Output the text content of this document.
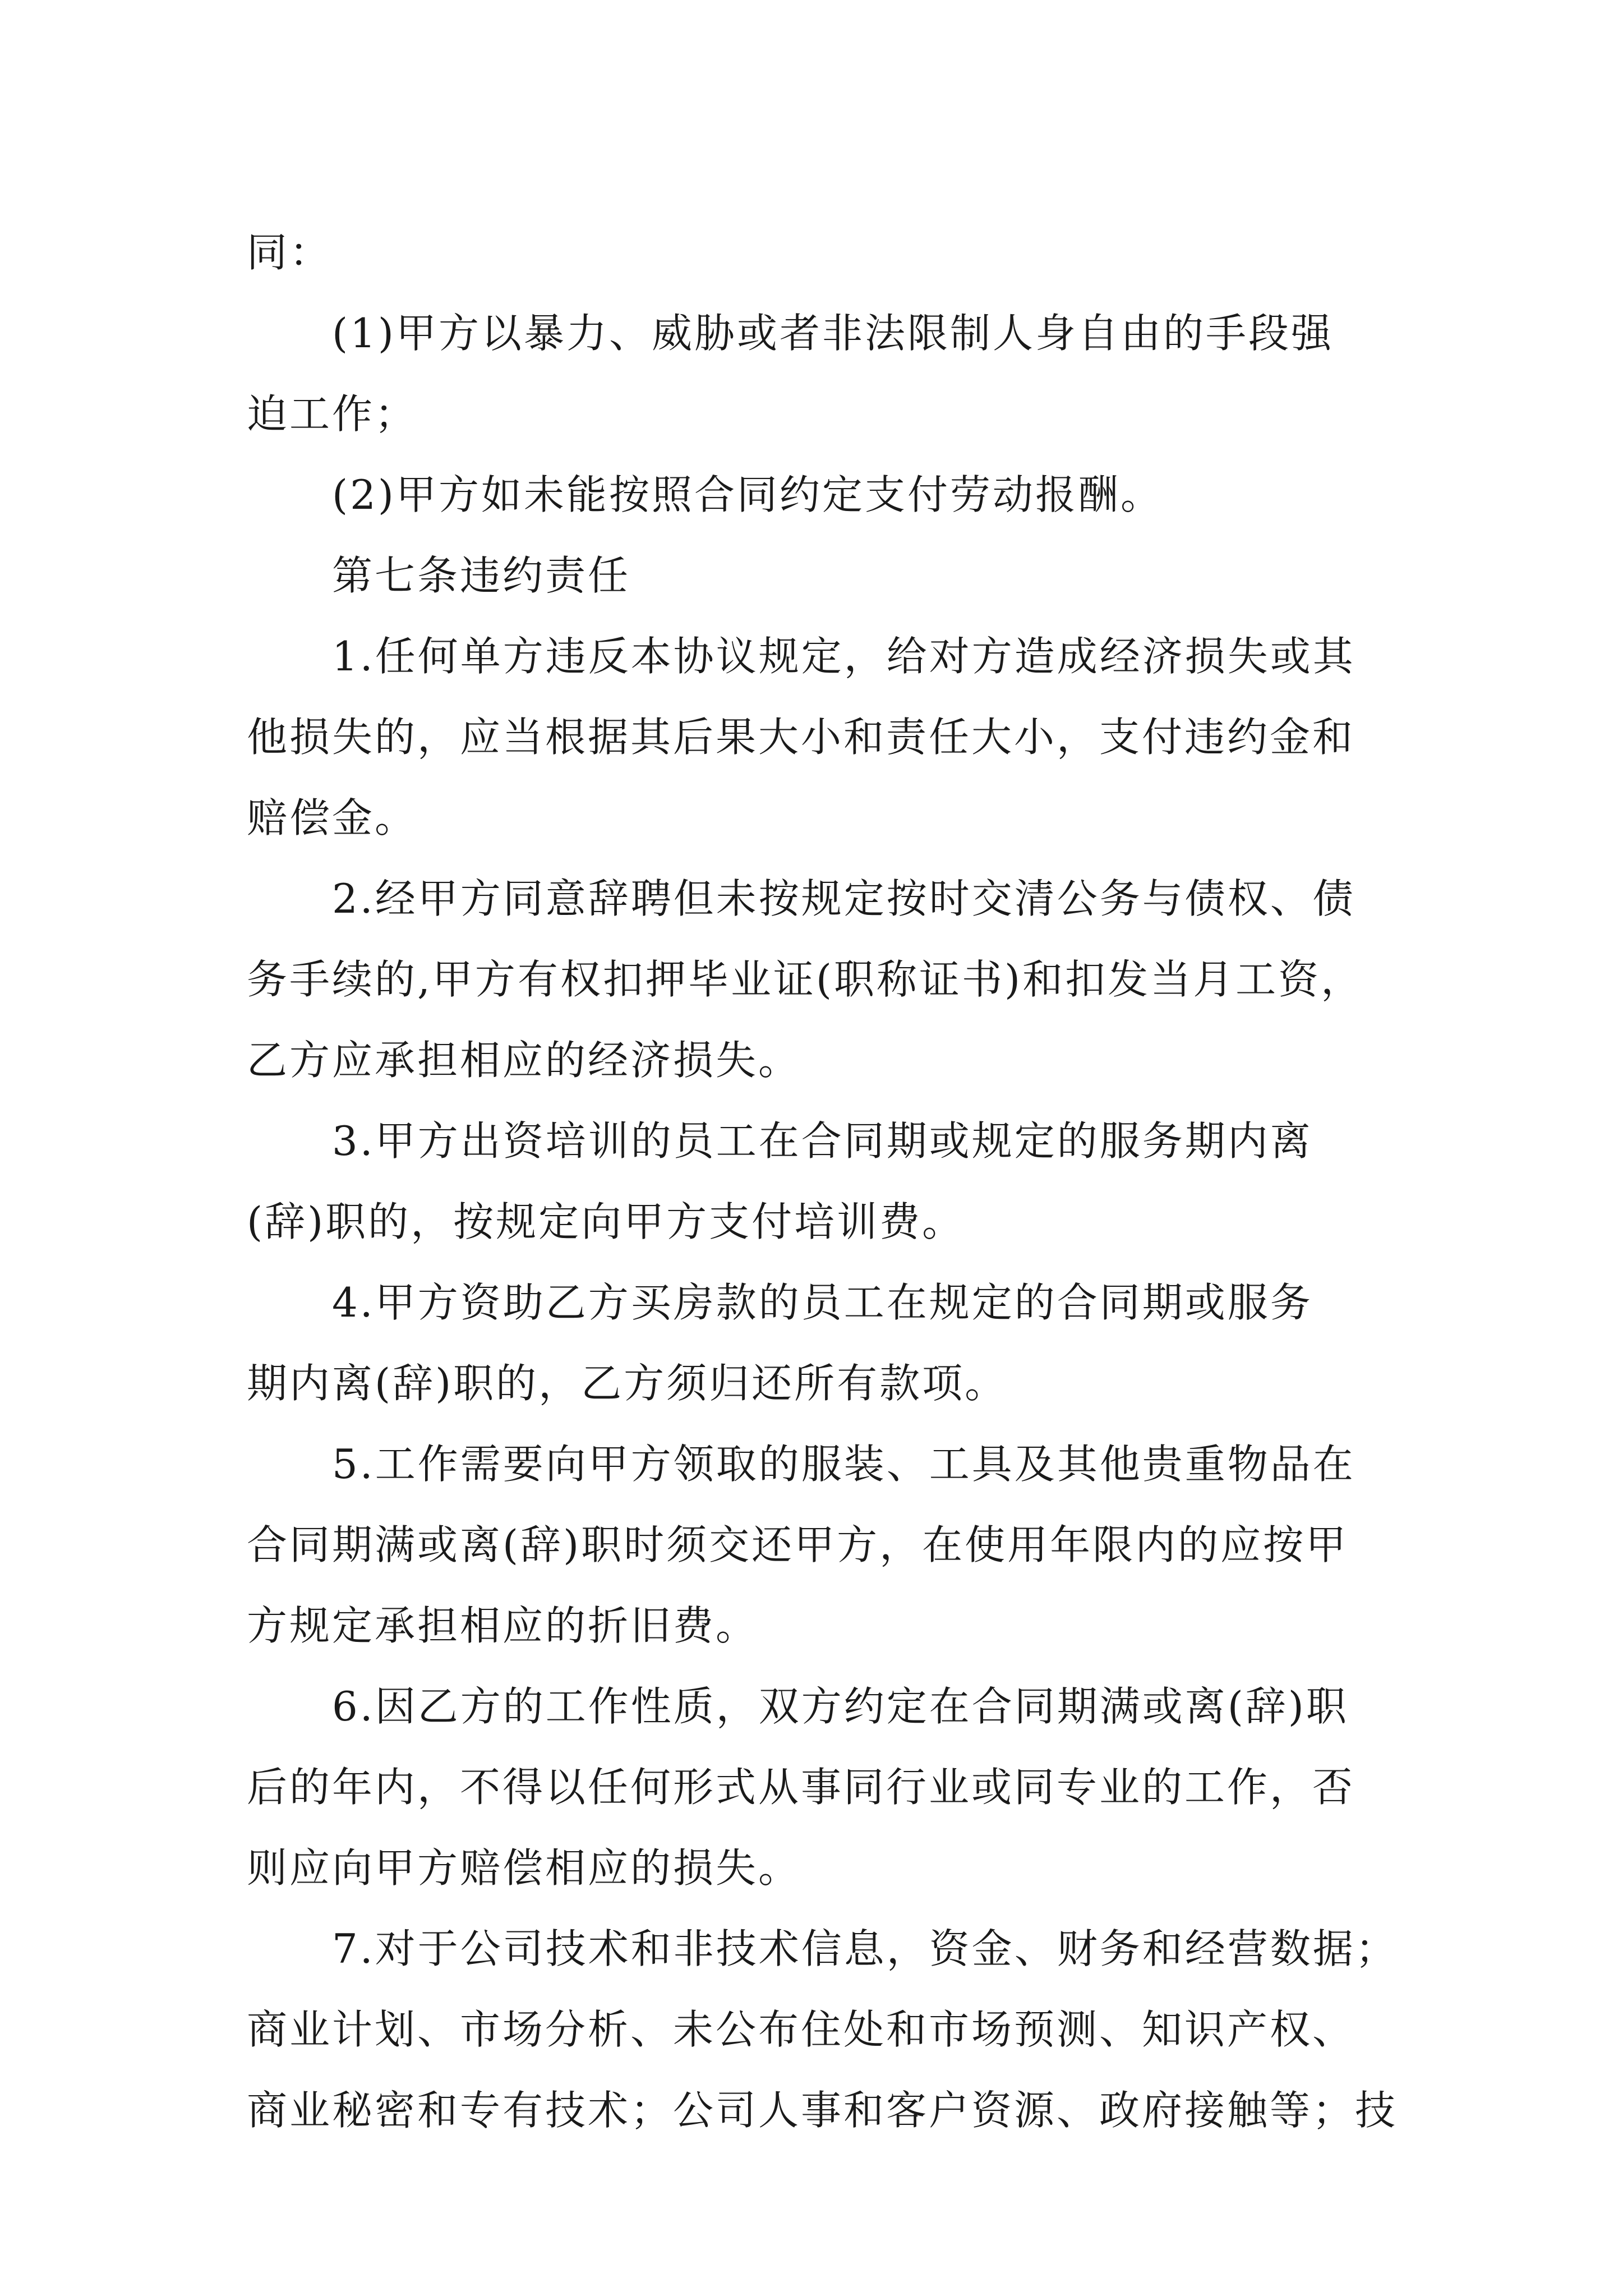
同：
(1)甲方以暴力、威胁或者非法限制人身自由的手段强
迫工作；
(2)甲方如未能按照合同约定支付劳动报酬。
第七条违约责任
1.任何单方违反本协议规定，给对方造成经济损失或其
他损失的，应当根据其后果大小和责任大小，支付违约金和
赔偿金。
2.经甲方同意辞聘但未按规定按时交清公务与债权、债
务手续的,甲方有权扣押毕业证(职称证书)和扣发当月工资，
乙方应承担相应的经济损失。
3.甲方出资培训的员工在合同期或规定的服务期内离
(辞)职的，按规定向甲方支付培训费。
4.甲方资助乙方买房款的员工在规定的合同期或服务
期内离(辞)职的，乙方须归还所有款项。
5.工作需要向甲方领取的服装、工具及其他贵重物品在
合同期满或离(辞)职时须交还甲方，在使用年限内的应按甲
方规定承担相应的折旧费。
6.因乙方的工作性质，双方约定在合同期满或离(辞)职
后的年内，不得以任何形式从事同行业或同专业的工作，否
则应向甲方赔偿相应的损失。
7.对于公司技术和非技术信息，资金、财务和经营数据；
商业计划、市场分析、未公布住处和市场预测、知识产权、
商业秘密和专有技术；公司人事和客户资源、政府接触等；技
